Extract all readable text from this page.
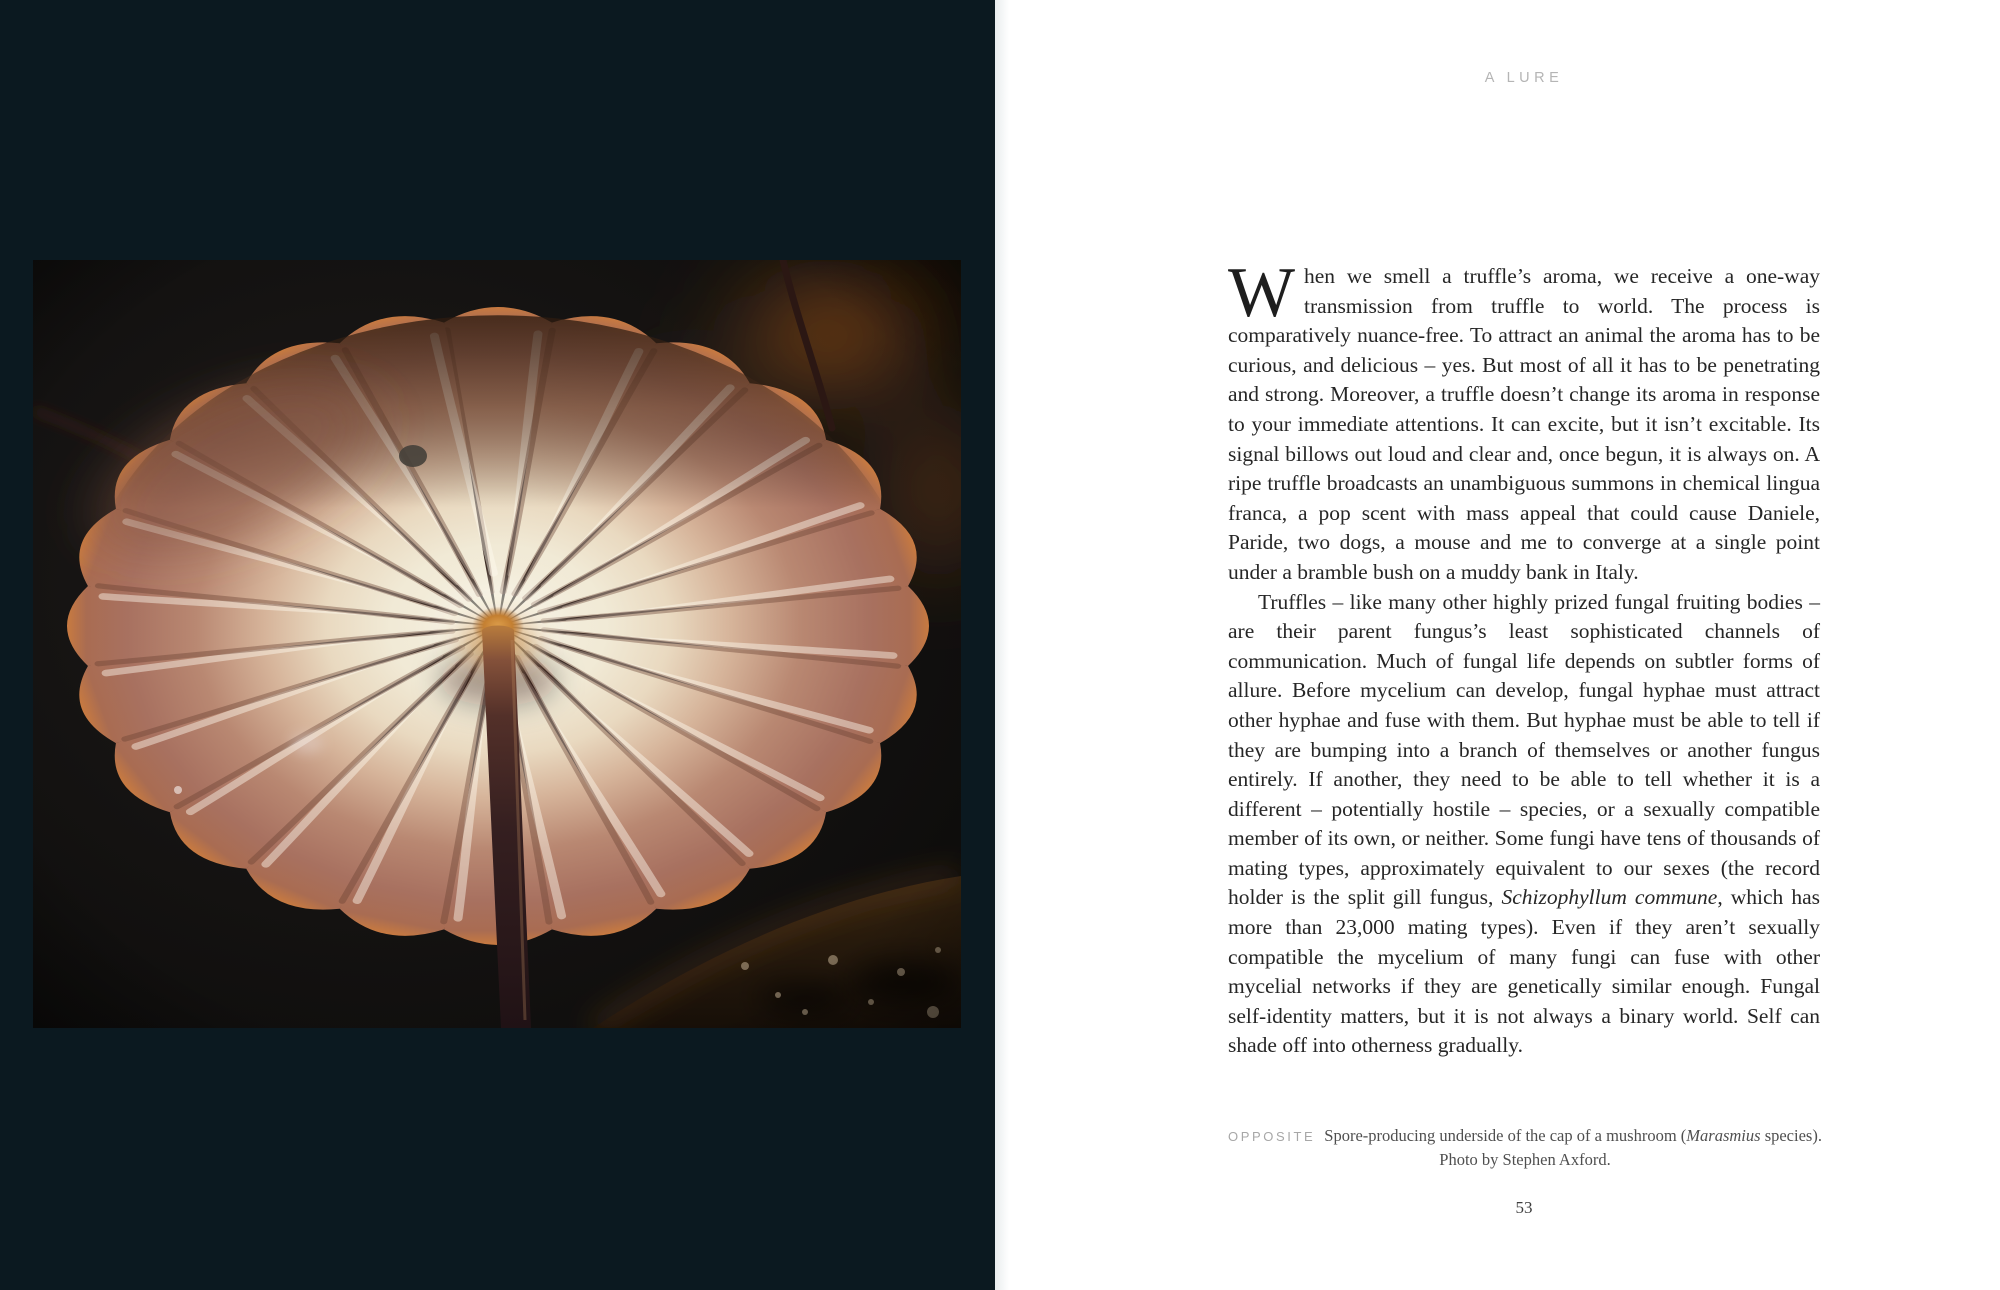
A LURE

When we smell a truffle’s aroma, we receive a one-way transmission from truffle to world. The process is comparatively nuance-free. To attract an animal the aroma has to be curious, and delicious – yes. But most of all it has to be penetrating and strong. Moreover, a truffle doesn’t change its aroma in response to your immediate attentions. It can excite, but it isn’t excitable. Its signal billows out loud and clear and, once begun, it is always on. A ripe truffle broadcasts an unambiguous summons in chemical lingua franca, a pop scent with mass appeal that could cause Daniele, Paride, two dogs, a mouse and me to converge at a single point under a bramble bush on a muddy bank in Italy.

Truffles – like many other highly prized fungal fruiting bodies – are their parent fungus’s least sophisticated channels of communication. Much of fungal life depends on subtler forms of allure. Before mycelium can develop, fungal hyphae must attract other hyphae and fuse with them. But hyphae must be able to tell if they are bumping into a branch of themselves or another fungus entirely. If another, they need to be able to tell whether it is a different – potentially hostile – species, or a sexually compatible member of its own, or neither. Some fungi have tens of thousands of mating types, approximately equivalent to our sexes (the record holder is the split gill fungus, Schizophyllum commune, which has more than 23,000 mating types). Even if they aren’t sexually compatible the mycelium of many fungi can fuse with other mycelial networks if they are genetically similar enough. Fungal self-identity matters, but it is not always a binary world. Self can shade off into otherness gradually.

OPPOSITE Spore-producing underside of the cap of a mushroom (Marasmius species).
Photo by Stephen Axford.
53
